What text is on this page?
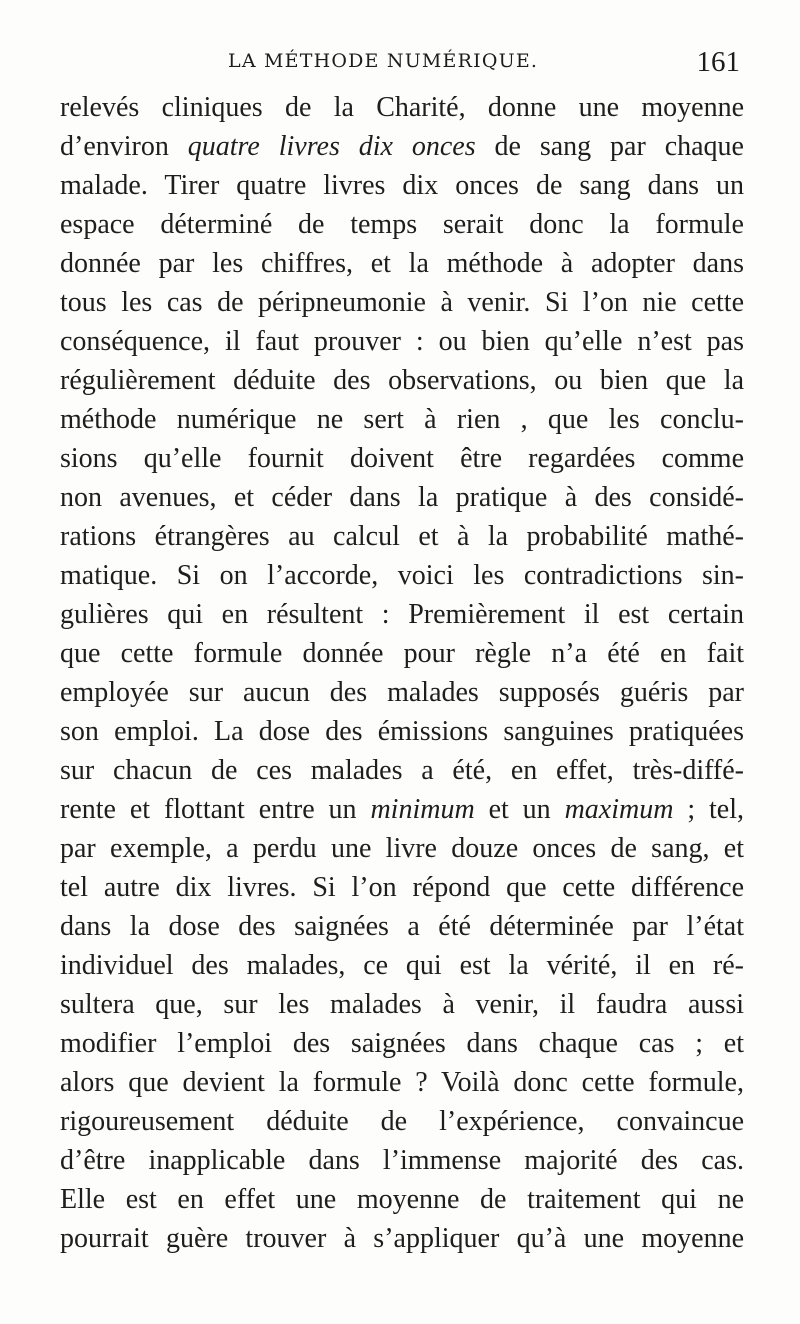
LA MÉTHODE NUMÉRIQUE.	161
relevés cliniques de la Charité, donne une moyenne
d’environ quatre livres dix onces de sang par chaque
malade. Tirer quatre livres dix onces de sang dans un
espace déterminé de temps serait donc la formule
donnée par les chiffres, et la méthode à adopter dans
tous les cas de péripneumonie à venir. Si l’on nie cette
conséquence, il faut prouver : ou bien qu’elle n’est pas
régulièrement déduite des observations, ou bien que la
méthode numérique ne sert à rien , que les conclu-
sions qu’elle fournit doivent être regardées comme
non avenues, et céder dans la pratique à des considé-
rations étrangères au calcul et à la probabilité mathé-
matique. Si on l’accorde, voici les contradictions sin-
gulières qui en résultent : Premièrement il est certain
que cette formule donnée pour règle n’a été en fait
employée sur aucun des malades supposés guéris par
son emploi. La dose des émissions sanguines pratiquées
sur chacun de ces malades a été, en effet, très-diffé-
rente et flottant entre un minimum et un maximum ; tel,
par exemple, a perdu une livre douze onces de sang, et
tel autre dix livres. Si l’on répond que cette différence
dans la dose des saignées a été déterminée par l’état
individuel des malades, ce qui est la vérité, il en ré-
sultera que, sur les malades à venir, il faudra aussi
modifier l’emploi des saignées dans chaque cas ; et
alors que devient la formule ? Voilà donc cette formule,
rigoureusement déduite de l’expérience, convaincue
d’être inapplicable dans l’immense majorité des cas.
Elle est en effet une moyenne de traitement qui ne
pourrait guère trouver à s’appliquer qu’à une moyenne
